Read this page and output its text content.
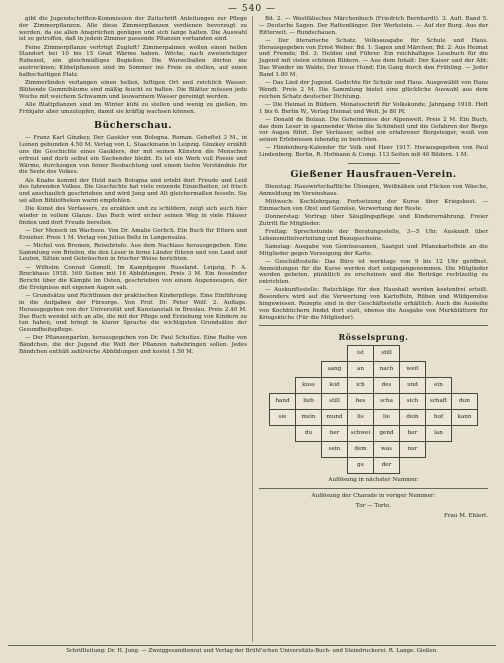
— 540 —

gibt die Jugendschriften-Kommission der Zeitschrift Anleitungen zur Pflege der Zimmerpflanzen. Alle diese Zimmerpflanzen verdienen bevorzugt zu werden, da sie allen Ansprüchen genügen und sich lange halten. Die Auswahl ist so getroffen, daß in jedem Zimmer passende Pflanzen vorhanden sind.

Feine Zimmerpflanze vertrügt Zugluft! Zimmerpalmen wollen einen hellen Standort bei 10 bis 15 Grad Wärme haben. Wöche, nach zweiwöchiger Ruhezeit, ein gleichmäßiges Begießen. Die Wurzelballen dürfen nie austrocknen; Kübelpflanzen sind im Sommer ins Freie zu stellen, auf einen halbschattigen Platz.

Zimmerlinden verlangen einen hellen, luftigen Ort und reichlich Wasser. Blühende Gummibäume sind mäßig feucht zu halten. Die Blätter müssen jede Woche mit weichem Schwamm und lauwarmem Wasser gereinigt werden.

Alle Blattpflanzen sind im Winter kühl zu stellen und wenig zu gießen, im Frühjahr aber umzutopfen, damit sie kräftig wachsen können.

Bücherschau.

— Franz Karl Ginzkey, Der Gaukler von Bologna. Roman. Geheftet 3 M., in Leinen gebunden 4.50 M. Verlag von L. Staackmann in Leipzig. Ginzkey erzählt uns die Geschichte eines Gauklers, der mit seinen Künsten die Menschen erfreut und doch selbst ein Suchender bleibt. Es ist ein Werk voll Poesie und Wärme, durchzogen von feiner Beobachtung und einem tiefen Verständnis für die Seele des Volkes.

Als Knabe kommt der Held nach Bologna und erlebt dort Freude und Leid des fahrenden Volkes. Die Geschichte hat viele reizende Einzelheiten, ist frisch und anschaulich geschrieben und wird Jung und Alt gleichermaßen fesseln. Sie sei allen Bibliotheken warm empfohlen.

Die Kunst des Verfassers, zu erzählen und zu schildern, zeigt sich auch hier wieder in vollem Glanze. Das Buch wird sicher seinen Weg in viele Häuser finden und dort Freude bereiten.

— Der Mensch im Wachsen. Von Dr. Amalie Gerlich. Ein Buch für Eltern und Erzieher. Preis 1 M. Verlag von Julius Beltz in Langensalza.

— Michel von Bremen, Reisebriefe. Aus dem Nachlass herausgegeben. Eine Sammlung von Briefen, die den Leser in ferne Länder führen und von Land und Leuten, Sitten und Gebräuchen in frischer Weise berichten.

— Wilhelm Conrad Gomoll, Im Kampfgegen Russland. Leipzig, F. A. Brockhaus 1918. 160 Seiten mit 16 Abbildungen. Preis 3 M. Ein fesselnder Bericht über die Kämpfe im Osten, geschrieben von einem Augenzeugen, der die Ereignisse mit eigenen Augen sah.

— Grundsätze und Richtlinien der praktischen Kinderpflege. Eine Einführung in die Aufgaben der Fürsorge. Von Prof. Dr. Peter Wolf. 2. Auflage. Herausgegeben von der Universität und Kunstanstalt in Breslau. Preis 2.40 M. Das Buch wendet sich an alle, die mit der Pflege und Erziehung von Kindern zu tun haben, und bringt in klarer Sprache die wichtigsten Grundsätze der Gesundheitspflege.

— Der Pflanzengarten, herausgegeben von Dr. Paul Schultze. Eine Reihe von Bändchen, die der Jugend die Welt der Pflanzen nahebringen sollen. Jedes Bändchen enthält zahlreiche Abbildungen und kostet 1.50 M.

Bd. 2. — Westfälisches Märchenbuch (Friedrich Bernhardt). 3. Aufl. Band 5. — Deutsche Sagen. Der Rattenfänger. Der Werkstein. — Auf der Burg. Aus der Ritterzeit. — Rundschauen.

— Der literarische Schatz. Volksausgabe für Schule und Haus. Herausgegeben von Ernst Weber. Bd. 1: Sagen und Märchen; Bd. 2: Aus Heimat und Fremde; Bd. 3: Helden und Führer. Ein reichhaltiges Lesebuch für die Jugend mit vielen schönen Bildern. — Aus dem Inhalt: Der Kaiser und der Abt; Das Wunder im Walde; Der treue Hund; Ein Gang durch den Frühling. — Jeder Band 1.80 M.

— Das Lied der Jugend. Gedichte für Schule und Haus. Ausgewählt von Hans Wendt. Preis 2 M. Die Sammlung bietet eine glückliche Auswahl aus dem reichen Schatz deutscher Dichtung.

— Die Heimat in Bildern. Monatsschrift für Volkskunde. Jahrgang 1918. Heft 1 bis 6. Berlin W., Verlag Heimat und Welt. Je 80 Pf.

— Donald de Bolzan. Die Geheimnisse der Alpenwelt. Preis 2 M. Ein Buch, das dem Leser in spannender Weise die Schönheit und die Gefahren der Berge vor Augen führt. Der Verfasser, selbst ein erfahrener Bergsteiger, weiß von seinen Erlebnissen lebendig zu berichten.

— Hindenburg-Kalender für Volk und Heer 1917. Herausgegeben von Paul Lindenberg. Berlin, R. Hofmann & Comp. 113 Seiten mit 40 Bildern. 1 M.

Gießener Hausfrauen-Verein.

Dienstag: Hauswirtschaftliche Übungen, Weißnähen und Flicken von Wäsche, Anmeldung im Vereinshaus.

Mittwoch: Kochlehrgang. Fortsetzung der Kurse über Kriegskost. — Einmachen von Obst und Gemüse, Verwertung der Reste.

Donnerstag: Vortrag über Säuglingspflege und Kinderernährung. Freier Zutritt für Mitglieder.

Freitag: Sprechstunde der Beratungsstelle, 3—5 Uhr. Auskunft über Lebensmittelverteilung und Bezugsscheine.

Samstag: Ausgabe von Gemüsesamen, Saatgut und Pflanzkartoffeln an die Mitglieder gegen Vorzeigung der Karte.

— Geschäftsstelle: Das Büro ist werktags von 9 bis 12 Uhr geöffnet. Anmeldungen für die Kurse werden dort entgegengenommen. Die Mitglieder werden gebeten, pünktlich zu erscheinen und die Beiträge rechtzeitig zu entrichten.

— Auskunftsstelle: Ratschläge für den Haushalt werden kostenfrei erteilt. Besonders wird auf die Verwertung von Kartoffeln, Rüben und Wildgemüse hingewiesen. Rezepte sind in der Geschäftsstelle erhältlich. Auch die Ausleihe von Kochbüchern findet dort statt, ebenso die Ausgabe von Merkblättern für Kriegsküche (Für die Mitglieder).

Rösselsprung.
			ist	still			
		sang	an	nach	weit		
	kuss	leid	ich	des	und	ein	
hand	lieb	still	bes	scha	sich	schaft	dun
sie	mein	mund	lis	lie	dein	hof	kann
	du	her	schwei	gend	ber	lan	
		sein	dem	was	nur		
			ge	der			
Auflösung in nächster Nummer.
Auflösung der Charade in voriger Nummer:
Tor — Torte.
Frau M. Ehlert.
Schriftleitung: Dr. H. Jung. — Zweiggesandtenrat und Verlag der Brühl'schen Universitäts-Buch- und Steindruckerei. R. Lange. Gießen.
